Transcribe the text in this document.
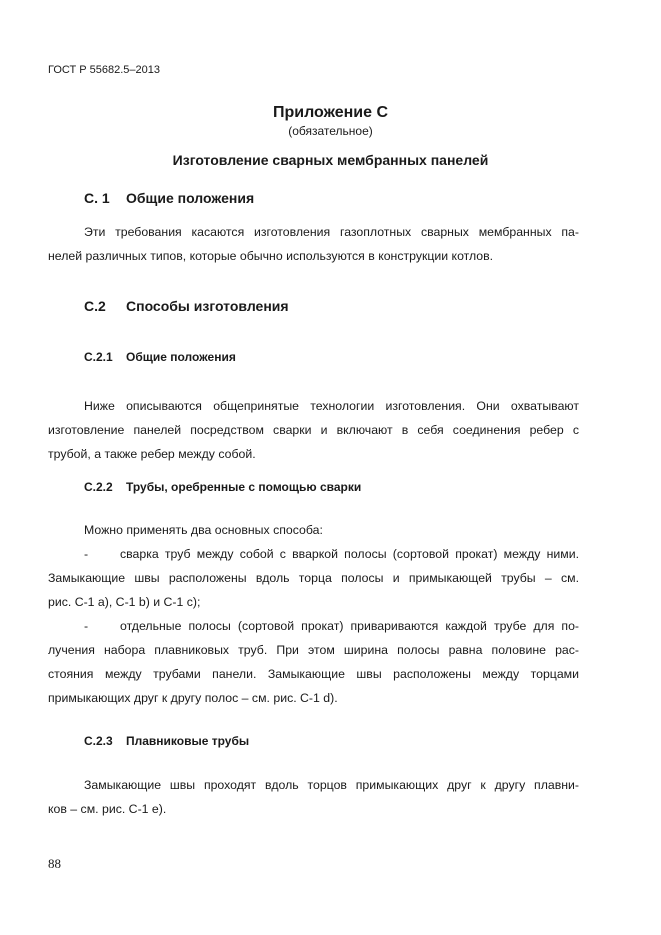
ГОСТ Р 55682.5–2013
Приложение С
(обязательное)
Изготовление сварных мембранных панелей
С. 1 Общие положения
Эти требования касаются изготовления газоплотных сварных мембранных па-
нелей различных типов, которые обычно используются в конструкции котлов.
С.2 Способы изготовления
С.2.1 Общие положения
Ниже описываются общепринятые технологии изготовления. Они охватывают
изготовление панелей посредством сварки и включают в себя соединения ребер с
трубой, а также ребер между собой.
С.2.2 Трубы, оребренные с помощью сварки
Можно применять два основных способа:
-	сварка труб между собой с вваркой полосы (сортовой прокат) между ними.
Замыкающие швы расположены вдоль торца полосы и примыкающей трубы – см.
рис. С-1 а), С-1 b) и С-1 с);
-	отдельные полосы (сортовой прокат) привариваются каждой трубе для по-
лучения набора плавниковых труб. При этом ширина полосы равна половине рас-
стояния между трубами панели. Замыкающие швы расположены между торцами
примыкающих друг к другу полос – см. рис. С-1 d).
С.2.3 Плавниковые трубы
Замыкающие швы проходят вдоль торцов примыкающих друг к другу плавни-
ков – см. рис. С-1 е).
88
